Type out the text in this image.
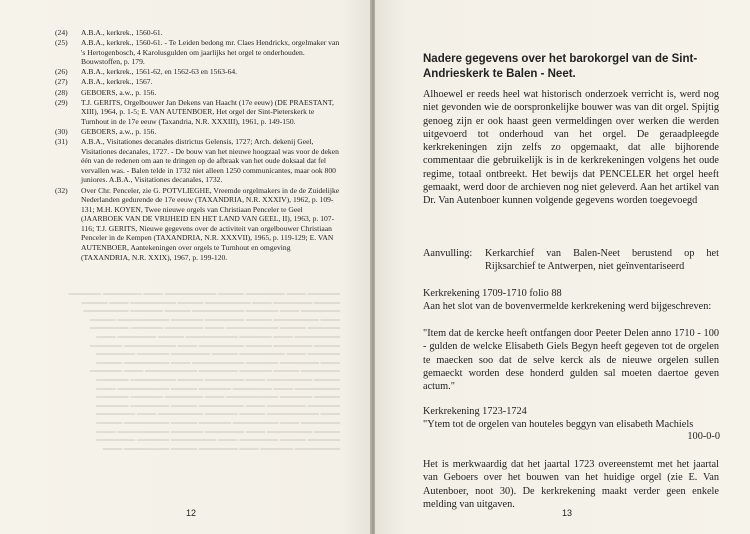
(24)	A.B.A., kerkrek., 1560-61.
(25)	A.B.A., kerkrek., 1560-61. - Te Leiden bedong mr. Claes Hendrickx, orgelmaker van 's Hertogenbosch, 4 Karolusgulden om jaarlijks het orgel te onderhouden. Bouwstoffen, p. 179.
(26)	A.B.A., kerkrek., 1561-62, en 1562-63 en 1563-64.
(27)	A.B.A., kerkrek., 1567.
(28)	GEBOERS, a.w., p. 156.
(29)	T.J. GERITS, Orgelbouwer Jan Dekens van Haacht (17e eeuw) (DE PRAESTANT, XIII), 1964, p. 1-5; E. VAN AUTENBOER, Het orgel der Sint-Pieterskerk te Turnhout in de 17e eeuw (Taxandria, N.R. XXXIII), 1961, p. 149-150.
(30)	GEBOERS, a.w., p. 156.
(31)	A.B.A., Visitationes decanales districtus Gelensis, 1727; Arch. dekenij Geel, Visitationes decanales, 1727. - De bouw van het nieuwe hoogzaal was voor de deken één van de redenen om aan te dringen op de afbraak van het oude doksaal dat fel vervallen was. - Balen telde in 1732 niet alleen 1250 communicantes, maar ook 800 juniores. A.B.A., Visitationes decanales, 1732.
(32)	Over Chr. Penceler, zie G. POTVLIEGHE, Vreemde orgelmakers in de de Zuidelijke Nederlanden gedurende de 17e eeuw (TAXANDRIA, N.R. XXXIV), 1962, p. 109-131; M.H. KOYEN, Twee nieuwe orgels van Christiaan Penceler te Geel (JAARBOEK VAN DE VRIJHEID EN HET LAND VAN GEEL, II), 1963, p. 107-116; T.J. GERITS, Nieuwe gegevens over de activiteit van orgelbouwer Christiaan Penceler in de Kempen (TAXANDRIA, N.R. XXXVII), 1965, p. 119-129; E. VAN AUTENBOER, Aantekeningen over orgels te Turnhout en omgeving (TAXANDRIA, N.R. XXIX), 1967, p. 199-120.
▬▬▬▬▬ ▬▬▬ ▬▬▬▬▬▬ ▬▬▬▬ ▬▬▬▬▬▬▬▬ ▬▬▬ ▬▬▬▬▬▬ ▬▬▬▬▬
▬▬▬▬ ▬▬▬▬▬▬ ▬▬▬ ▬▬▬▬▬▬▬ ▬▬▬▬ ▬▬▬▬▬▬▬ ▬▬▬ ▬▬▬▬
▬▬▬▬▬▬ ▬▬▬ ▬▬▬▬▬ ▬▬▬▬▬▬▬▬ ▬▬▬▬ ▬▬▬▬▬ ▬▬▬▬▬▬▬
▬▬▬ ▬▬▬▬▬▬▬ ▬▬▬▬ ▬▬▬▬▬▬ ▬▬▬▬▬ ▬▬▬▬▬▬▬▬ ▬▬▬▬
▬▬▬▬▬ ▬▬▬▬ ▬▬▬▬▬▬▬▬ ▬▬▬ ▬▬▬▬▬▬ ▬▬▬▬▬ ▬▬▬▬▬▬
▬▬▬▬▬▬▬ ▬▬▬ ▬▬▬▬▬ ▬▬▬▬▬▬▬▬ ▬▬▬▬ ▬▬▬▬▬▬ ▬▬▬
▬▬▬▬ ▬▬▬▬▬▬ ▬▬▬▬ ▬▬▬▬▬▬▬ ▬▬▬ ▬▬▬▬▬▬▬▬ ▬▬▬▬▬
▬▬▬▬▬ ▬▬▬ ▬▬▬▬▬▬▬ ▬▬▬▬ ▬▬▬▬▬▬ ▬▬▬▬▬ ▬▬▬▬▬▬
▬▬▬ ▬▬▬▬▬▬ ▬▬▬▬▬ ▬▬▬▬▬▬▬▬ ▬▬▬ ▬▬▬▬▬▬▬ ▬▬▬▬
▬▬▬▬▬▬ ▬▬▬▬ ▬▬▬▬▬ ▬▬▬▬▬▬ ▬▬▬▬▬▬▬▬ ▬▬▬ ▬▬▬▬▬
▬▬▬▬ ▬▬▬▬▬▬▬ ▬▬▬ ▬▬▬▬▬▬ ▬▬▬▬ ▬▬▬▬▬▬▬ ▬▬▬▬▬
▬▬▬▬▬▬▬ ▬▬▬ ▬▬▬▬▬▬ ▬▬▬▬▬ ▬▬▬▬ ▬▬▬▬▬▬▬▬ ▬▬▬
▬▬▬▬ ▬▬▬▬▬ ▬▬▬▬▬▬▬▬ ▬▬▬ ▬▬▬▬▬▬ ▬▬▬▬▬ ▬▬▬▬▬
▬▬▬▬▬ ▬▬▬▬▬▬ ▬▬▬ ▬▬▬▬▬▬▬ ▬▬▬▬ ▬▬▬▬▬▬ ▬▬▬▬▬
▬▬▬ ▬▬▬▬▬▬▬▬ ▬▬▬▬ ▬▬▬▬▬ ▬▬▬▬▬▬▬ ▬▬▬ ▬▬▬▬▬▬
▬▬▬▬▬▬ ▬▬▬ ▬▬▬▬▬▬▬ ▬▬▬▬▬ ▬▬▬▬ ▬▬▬▬▬▬▬ ▬▬▬▬
▬▬▬▬ ▬▬▬▬▬▬▬ ▬▬▬ ▬▬▬▬▬▬ ▬▬▬▬▬ ▬▬▬▬▬▬▬▬ ▬▬▬
▬▬▬▬▬ ▬▬▬▬ ▬▬▬▬▬▬ ▬▬▬ ▬▬▬▬▬▬▬ ▬▬▬▬▬ ▬▬▬▬▬▬
▬▬▬▬▬▬▬ ▬▬▬▬▬ ▬▬▬ ▬▬▬▬▬▬ ▬▬▬▬ ▬▬▬▬▬▬▬ ▬▬▬
12
Nadere gegevens over het barokorgel van de Sint-Andrieskerk te Balen - Neet.
Alhoewel er reeds heel wat historisch onderzoek verricht is, werd nog niet gevonden wie de oorspronkelijke bouwer was van dit orgel. Spijtig genoeg zijn er ook haast geen vermeldingen over werken die werden uitgevoerd tot onderhoud van het orgel. De geraadpleegde kerkrekeningen zijn zelfs zo opgemaakt, dat alle bijhorende commentaar die gebruikelijk is in de kerkrekeningen volgens het oude regime, totaal ontbreekt. Het bewijs dat PENCELER het orgel heeft gemaakt, werd door de archieven nog niet geleverd. Aan het artikel van Dr. Van Autenboer kunnen volgende gegevens worden toegevoegd
Aanvulling:	Kerkarchief van Balen-Neet berustend op het Rijksarchief te Antwerpen, niet geïnventariseerd
Kerkrekening 1709-1710 folio 88
Aan het slot van de bovenvermelde kerkrekening werd bijgeschreven:
"Item dat de kercke heeft ontfangen door Peeter Delen anno 1710 - 100 - gulden de welcke Elisabeth Giels Begyn heeft gegeven tot de orgelen te maecken soo dat de selve kerck als de nieuwe orgelen sullen gemaeckt worden dese honderd gulden sal moeten daertoe geven actum."
Kerkrekening 1723-1724
"Ytem tot de orgelen van houteles beggyn van elisabeth Machiels
100-0-0
Het is merkwaardig dat het jaartal 1723 overeenstemt met het jaartal van Geboers over het bouwen van het huidige orgel (zie E. Van Autenboer, noot 30). De kerkrekening maakt verder geen enkele melding van uitgaven.
13
